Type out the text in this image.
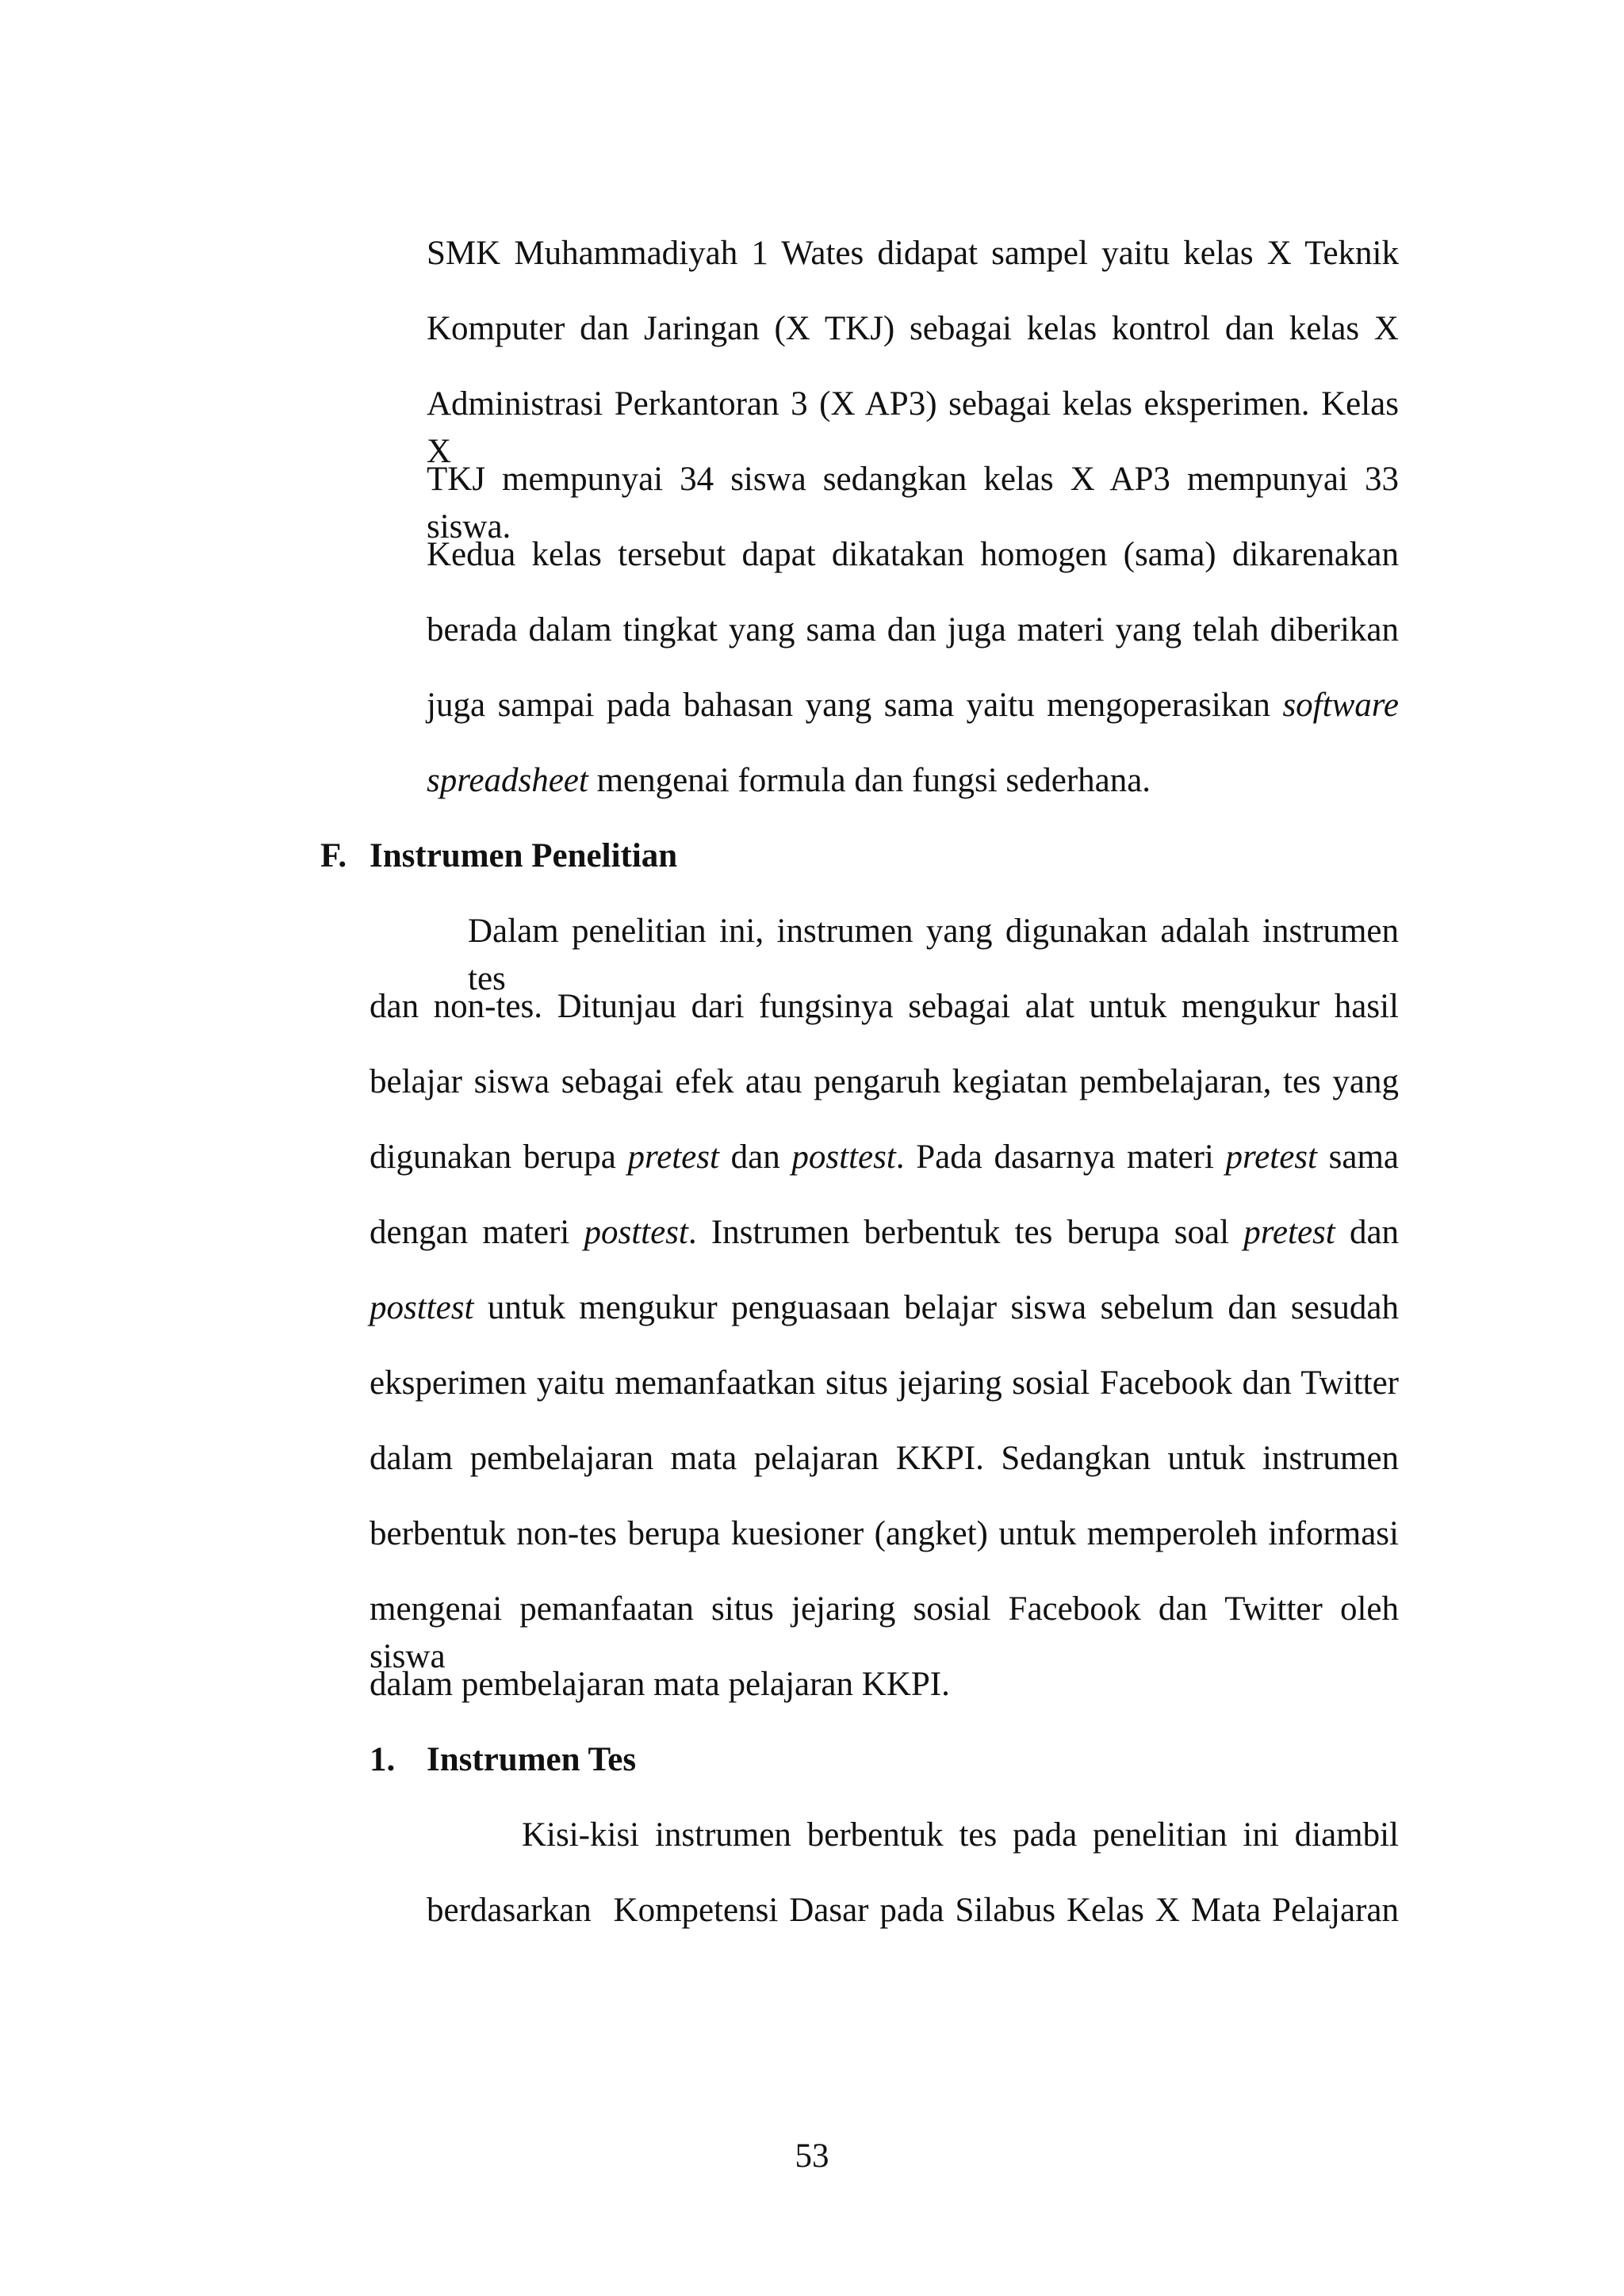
SMK Muhammadiyah 1 Wates didapat sampel yaitu kelas X Teknik
Komputer dan Jaringan (X TKJ) sebagai kelas kontrol dan kelas X
Administrasi Perkantoran 3 (X AP3) sebagai kelas eksperimen. Kelas X
TKJ mempunyai 34 siswa sedangkan kelas X AP3 mempunyai 33 siswa.
Kedua kelas tersebut dapat dikatakan homogen (sama) dikarenakan
berada dalam tingkat yang sama dan juga materi yang telah diberikan
juga sampai pada bahasan yang sama yaitu mengoperasikan software
spreadsheet mengenai formula dan fungsi sederhana.
F. Instrumen Penelitian
Dalam penelitian ini, instrumen yang digunakan adalah instrumen tes
dan non-tes. Ditunjau dari fungsinya sebagai alat untuk mengukur hasil
belajar siswa sebagai efek atau pengaruh kegiatan pembelajaran, tes yang
digunakan berupa pretest dan posttest. Pada dasarnya materi pretest sama
dengan materi posttest. Instrumen berbentuk tes berupa soal pretest dan
posttest untuk mengukur penguasaan belajar siswa sebelum dan sesudah
eksperimen yaitu memanfaatkan situs jejaring sosial Facebook dan Twitter
dalam pembelajaran mata pelajaran KKPI. Sedangkan untuk instrumen
berbentuk non-tes berupa kuesioner (angket) untuk memperoleh informasi
mengenai pemanfaatan situs jejaring sosial Facebook dan Twitter oleh siswa
dalam pembelajaran mata pelajaran KKPI.
1. Instrumen Tes
Kisi-kisi instrumen berbentuk tes pada penelitian ini diambil
berdasarkan  Kompetensi Dasar pada Silabus Kelas X Mata Pelajaran
53
